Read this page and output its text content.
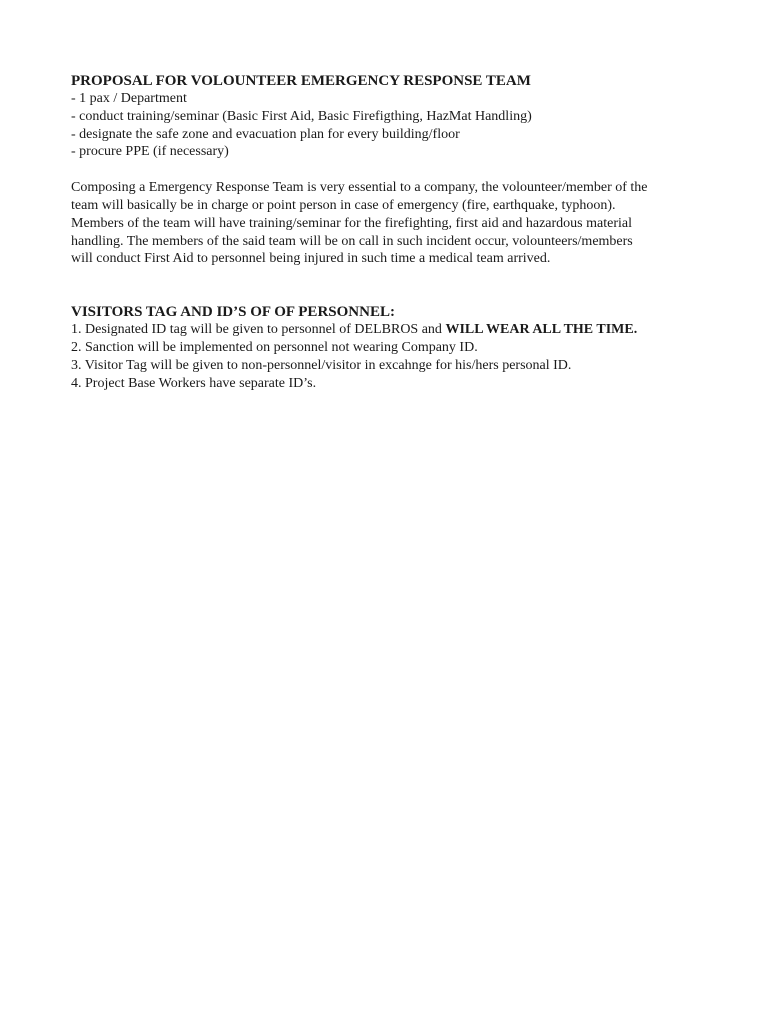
PROPOSAL FOR VOLOUNTEER EMERGENCY RESPONSE TEAM

- 1 pax / Department

- conduct training/seminar (Basic First Aid, Basic Firefigthing, HazMat Handling)

- designate the safe zone and evacuation plan for every building/floor

- procure PPE (if necessary)

Composing a Emergency Response Team is very essential to a company, the volounteer/member of the

team will basically be in charge or point person in case of emergency (fire, earthquake, typhoon).

Members of the team will have training/seminar for the firefighting, first aid and hazardous material

handling. The members of the said team will be on call in such incident occur, volounteers/members

will conduct First Aid to personnel being injured in such time a medical team arrived.

VISITORS TAG AND ID’S OF OF PERSONNEL:

1. Designated ID tag will be given to personnel of DELBROS and WILL WEAR ALL THE TIME.

2. Sanction will be implemented on personnel not wearing Company ID.

3. Visitor Tag will be given to non-personnel/visitor in excahnge for his/hers personal ID.

4. Project Base Workers have separate ID’s.
